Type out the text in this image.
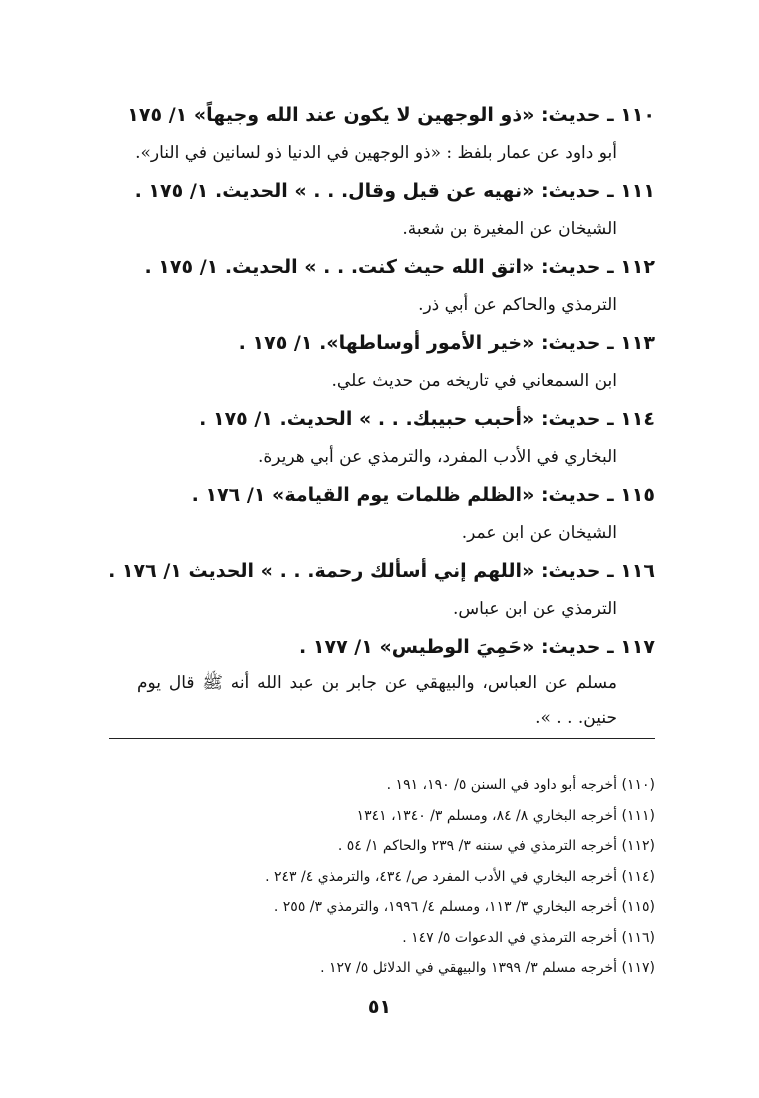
١١٠ ـ حديث: «ذو الوجهين لا يكون عند الله وجيهاً» ١/ ١٧٥
أبو داود عن عمار بلفظ : «ذو الوجهين في الدنيا ذو لسانين في النار».
١١١ ـ حديث: «نهيه عن قيل وقال. . . » الحديث. ١/ ١٧٥ .
الشيخان عن المغيرة بن شعبة.
١١٢ ـ حديث: «اتق الله حيث كنت. . . » الحديث. ١/ ١٧٥ .
الترمذي والحاكم عن أبي ذر.
١١٣ ـ حديث: «خير الأمور أوساطها». ١/ ١٧٥ .
ابن السمعاني في تاريخه من حديث علي.
١١٤ ـ حديث: «أحبب حبيبك. . . » الحديث. ١/ ١٧٥ .
البخاري في الأدب المفرد، والترمذي عن أبي هريرة.
١١٥ ـ حديث: «الظلم ظلمات يوم القيامة» ١/ ١٧٦ .
الشيخان عن ابن عمر.
١١٦ ـ حديث: «اللهم إني أسألك رحمة. . . » الحديث ١/ ١٧٦ .
الترمذي عن ابن عباس.
١١٧ ـ حديث: «حَمِيَ الوطيس» ١/ ١٧٧ .
مسلم عن العباس، والبيهقي عن جابر بن عبد الله أنه ﷺ قال يوم حنين. . . ».
(١١٠) أخرجه أبو داود في السنن ٥/ ١٩٠، ١٩١ .
(١١١) أخرجه البخاري ٨/ ٨٤، ومسلم ٣/ ١٣٤٠، ١٣٤١
(١١٢) أخرجه الترمذي في سننه ٣/ ٢٣٩ والحاكم ١/ ٥٤ .
(١١٤) أخرجه البخاري في الأدب المفرد ص/ ٤٣٤، والترمذي ٤/ ٢٤٣ .
(١١٥) أخرجه البخاري ٣/ ١١٣، ومسلم ٤/ ١٩٩٦، والترمذي ٣/ ٢٥٥ .
(١١٦) أخرجه الترمذي في الدعوات ٥/ ١٤٧ .
(١١٧) أخرجه مسلم ٣/ ١٣٩٩ والبيهقي في الدلائل ٥/ ١٢٧ .
٥١
